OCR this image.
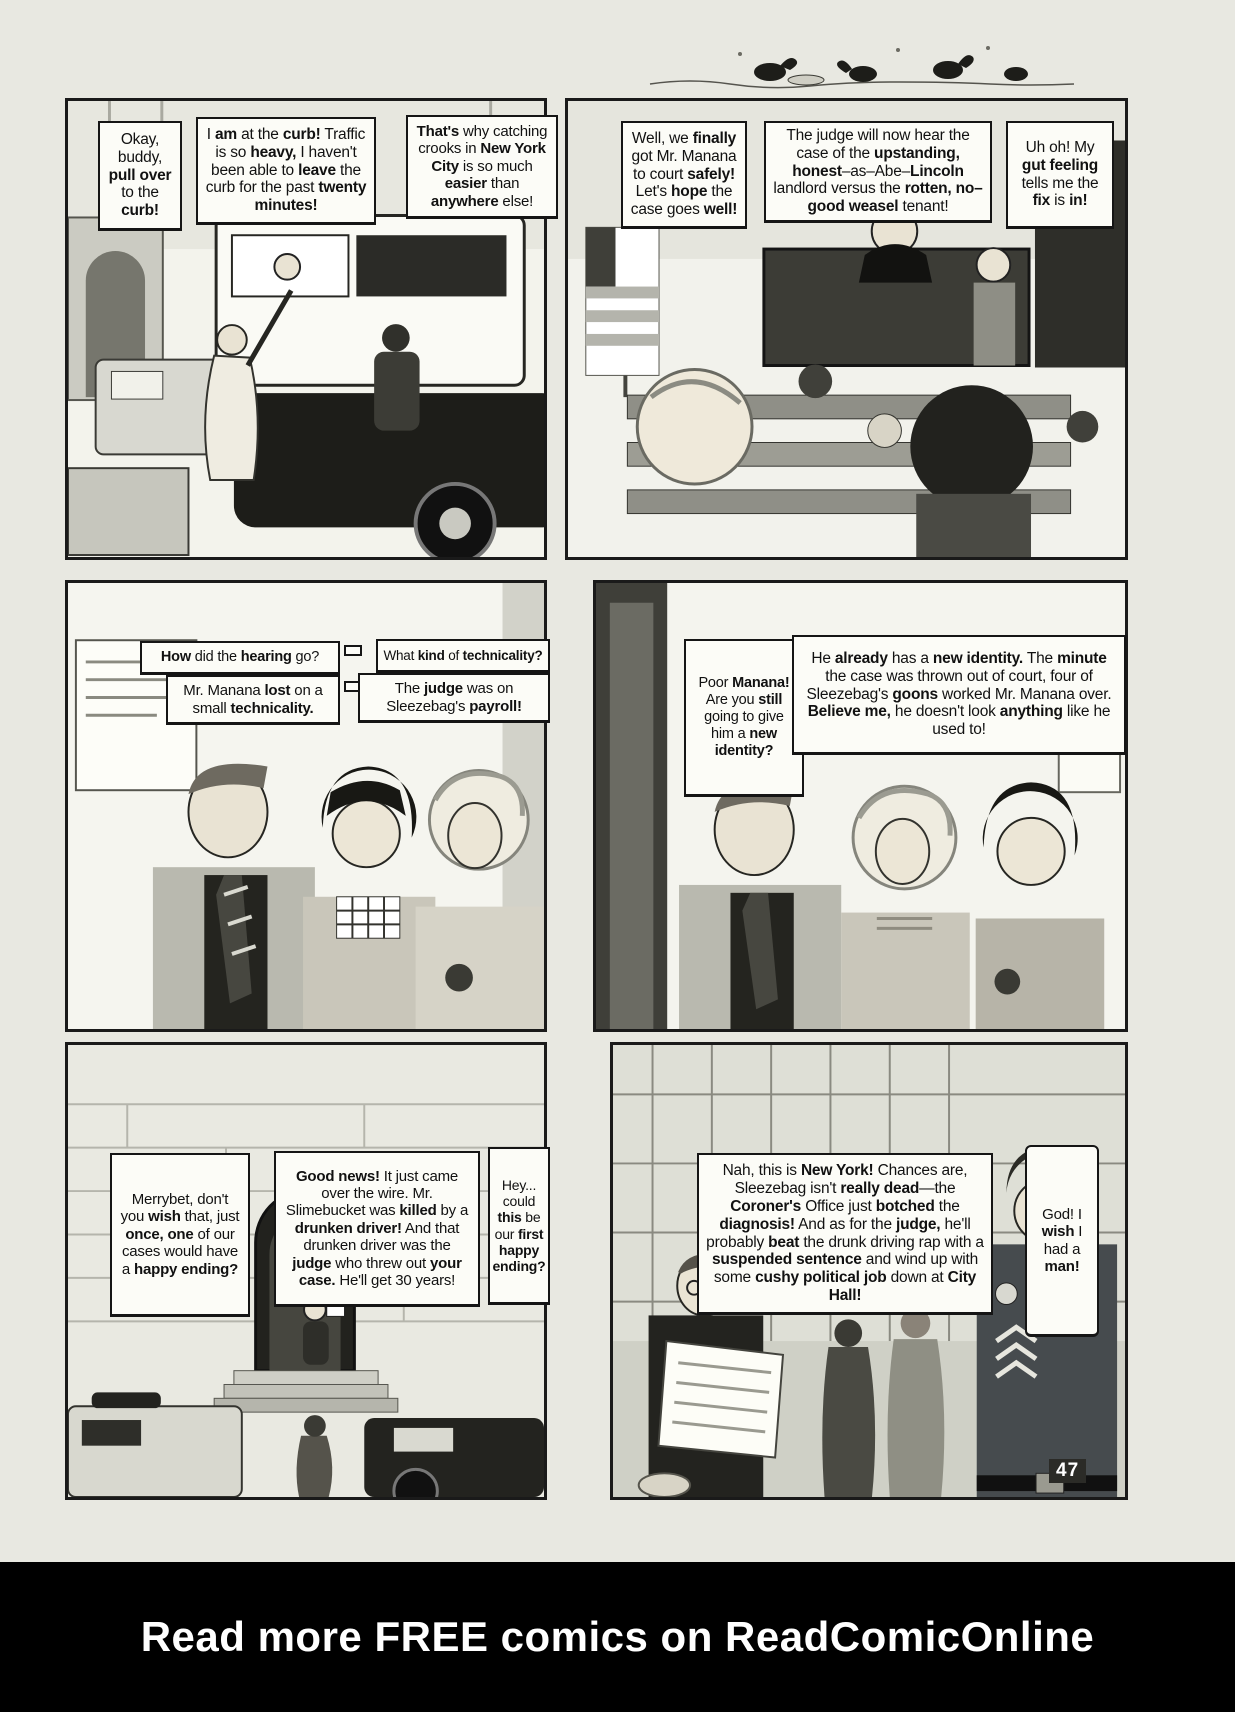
Okay, buddy, pull over to the curb!
I am at the curb! Traffic is so heavy, I haven't been able to leave the curb for the past twenty minutes!
That's why catching crooks in New York City is so much easier than anywhere else!
Well, we finally got Mr. Manana to court safely! Let's hope the case goes well!
The judge will now hear the case of the upstanding, honest–as–Abe–Lincoln landlord versus the rotten, no–good weasel tenant!
Uh oh! My gut feeling tells me the fix is in!
How did the hearing go?
Mr. Manana lost on a small technicality.
What kind of technicality?
The judge was on Sleezebag's payroll!
Poor Manana! Are you still going to give him a new identity?
He already has a new identity. The minute the case was thrown out of court, four of Sleezebag's goons worked Mr. Manana over. Believe me, he doesn't look anything like he used to!
Merrybet, don't you wish that, just once, one of our cases would have a happy ending?
Good news! It just came over the wire. Mr. Slimebucket was killed by a drunken driver! And that drunken driver was the judge who threw out your case. He'll get 30 years!
Hey... could this be our first happy ending?
Nah, this is New York! Chances are, Sleezebag isn't really dead—the Coroner's Office just botched the diagnosis! And as for the judge, he'll probably beat the drunk driving rap with a suspended sentence and wind up with some cushy political job down at City Hall!
God! I wish I had a man!
47
Read more FREE comics on ReadComicOnline
